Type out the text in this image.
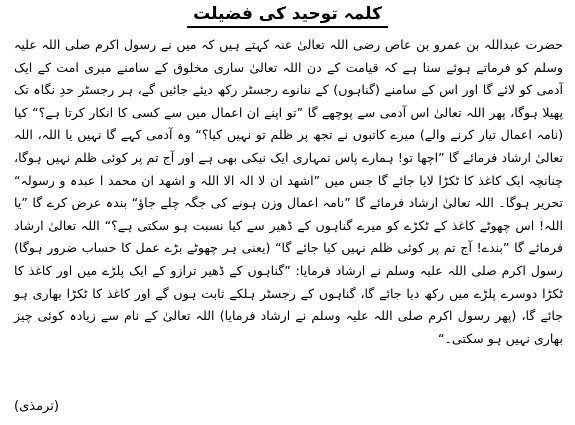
کلمہ توحید کی فضیلت
حضرت عبداللہ بن عمرو بن عاص رضی اللہ تعالیٰ عنہ کہتے ہیں کہ میں نے رسول اکرم صلی اللہ علیہ وسلم کو فرماتے ہوئے سنا ہے کہ قیامت کے دن اللہ تعالیٰ ساری مخلوق کے سامنے میری امت کے ایک آدمی کو لائے گا اور اس کے سامنے (گناہوں) کے ننانوے رجسٹر رکھ دیئے جائیں گے، ہر رجسٹر حدِ نگاہ تک پھیلا ہوگا، پھر اللہ تعالیٰ اس آدمی سے پوچھے گا ”تو اپنے ان اعمال میں سے کسی کا انکار کرتا ہے؟“ کیا (نامہ اعمال تیار کرنے والے) میرے کاتبوں نے تجھ پر ظلم تو نہیں کیا؟“ وہ آدمی کہے گا نہیں یا اللہ، اللہ تعالیٰ ارشاد فرمائے گا ”اچھا تو! ہمارے پاس تمہاری ایک نیکی بھی ہے اور آج تم پر کوئی ظلم نہیں ہوگا، چنانچہ ایک کاغذ کا ٹکڑا لایا جائے گا جس میں ”اشھد ان لا الہ الا اللہ و اشھد ان محمد ا عبدہ و رسولہ“ تحریر ہوگا۔ اللہ تعالیٰ ارشاد فرمائے گا ”نامہ اعمال وزن ہونے کی جگہ چلے جاؤ“ بندہ عرض کرے گا ”یا اللہ! اس چھوٹے کاغذ کے ٹکڑے کو میرے گناہوں کے ڈھیر سے کیا نسبت ہو سکتی ہے؟“ اللہ تعالیٰ ارشاد فرمائے گا ”بندے! آج تم پر کوئی ظلم نہیں کیا جائے گا“ (یعنی ہر چھوٹے بڑے عمل کا حساب ضرور ہوگا) رسول اکرم صلی اللہ علیہ وسلم نے ارشاد فرمایا: ”گناہوں کے ڈھیر ترازو کے ایک پلڑے میں اور کاغذ کا ٹکڑا دوسرے پلڑے میں رکھ دیا جائے گا، گناہوں کے رجسٹر ہلکے ثابت ہوں گے اور کاغذ کا ٹکڑا بھاری ہو جائے گا، (پھر رسول اکرم صلی اللہ علیہ وسلم نے ارشاد فرمایا) اللہ تعالیٰ کے نام سے زیادہ کوئی چیز بھاری نہیں ہو سکتی۔“
(ترمذی)
